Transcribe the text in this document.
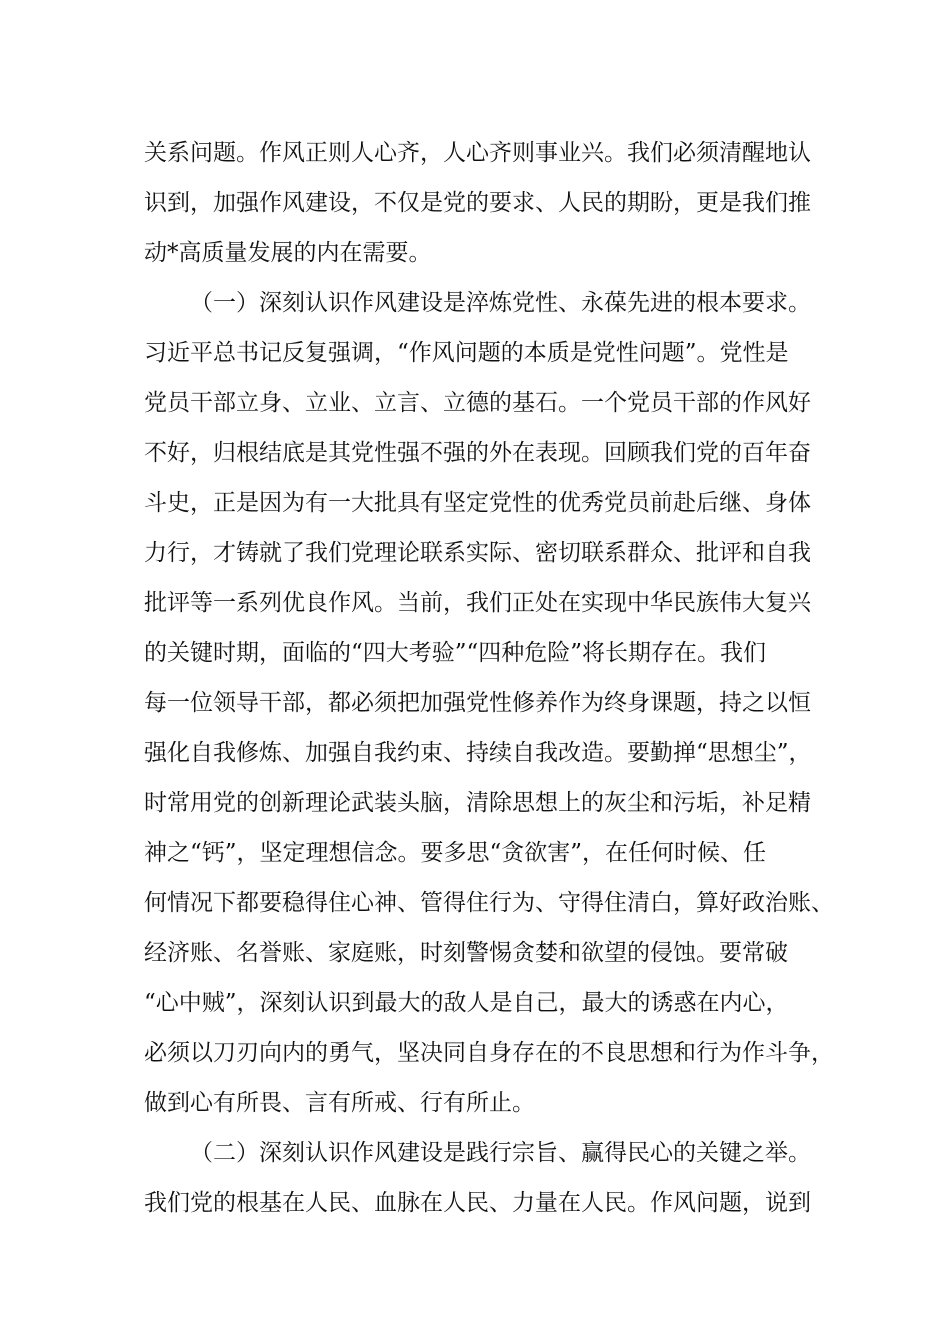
关系问题。作风正则人心齐，人心齐则事业兴。我们必须清醒地认
识到，加强作风建设，不仅是党的要求、人民的期盼，更是我们推
动*高质量发展的内在需要。
（一）深刻认识作风建设是淬炼党性、永葆先进的根本要求。
习近平总书记反复强调，“作风问题的本质是党性问题”。党性是
党员干部立身、立业、立言、立德的基石。一个党员干部的作风好
不好，归根结底是其党性强不强的外在表现。回顾我们党的百年奋
斗史，正是因为有一大批具有坚定党性的优秀党员前赴后继、身体
力行，才铸就了我们党理论联系实际、密切联系群众、批评和自我
批评等一系列优良作风。当前，我们正处在实现中华民族伟大复兴
的关键时期，面临的“四大考验”“四种危险”将长期存在。我们
每一位领导干部，都必须把加强党性修养作为终身课题，持之以恒
强化自我修炼、加强自我约束、持续自我改造。要勤掸“思想尘”，
时常用党的创新理论武装头脑，清除思想上的灰尘和污垢，补足精
神之“钙”，坚定理想信念。要多思“贪欲害”，在任何时候、任
何情况下都要稳得住心神、管得住行为、守得住清白，算好政治账、
经济账、名誉账、家庭账，时刻警惕贪婪和欲望的侵蚀。要常破
“心中贼”，深刻认识到最大的敌人是自己，最大的诱惑在内心，
必须以刀刃向内的勇气，坚决同自身存在的不良思想和行为作斗争，
做到心有所畏、言有所戒、行有所止。
（二）深刻认识作风建设是践行宗旨、赢得民心的关键之举。
我们党的根基在人民、血脉在人民、力量在人民。作风问题，说到
